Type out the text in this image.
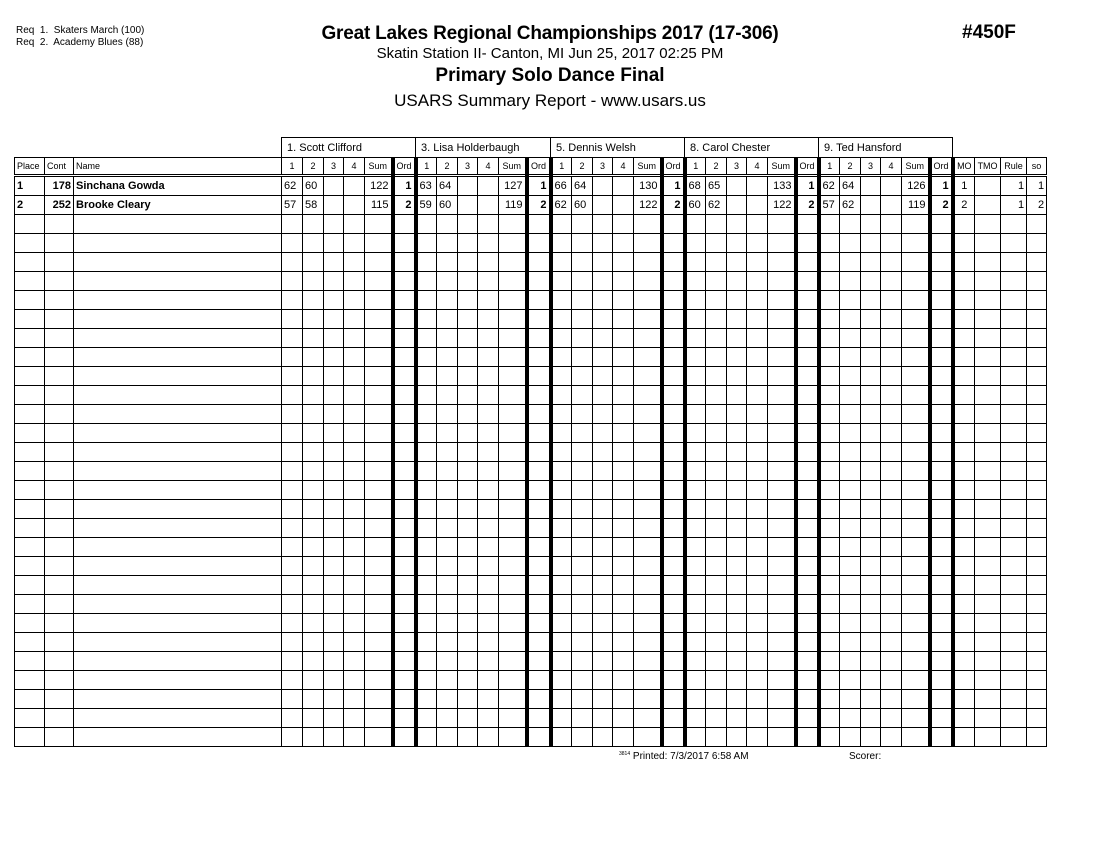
Req  1.  Skaters March (100)
Req  2.  Academy Blues (88)	Great Lakes Regional Championships 2017 (17-306)
Skatin Station II- Canton, MI Jun 25, 2017 02:25 PM
Primary Solo Dance Final
USARS Summary Report - www.usars.us
#450F
			1. Scott Clifford						3. Lisa Holderbaugh						5. Dennis Welsh						8. Carol Chester						9. Ted Hansford									
Place	Cont	Name	1	2	3	4	Sum	Ord	1	2	3	4	Sum	Ord	1	2	3	4	Sum	Ord	1	2	3	4	Sum	Ord	1	2	3	4	Sum	Ord	MO	TMO	Rule	so
1	178	Sinchana Gowda	62	60			122	1	63	64			127	1	66	64			130	1	68	65			133	1	62	64			126	1	1		1	1
2	252	Brooke Cleary	57	58			115	2	59	60			119	2	62	60			122	2	60	62			122	2	57	62			119	2	2		1	2

$^{3814}$ Printed: 7/3/2017 6:58 AM	Scorer:
